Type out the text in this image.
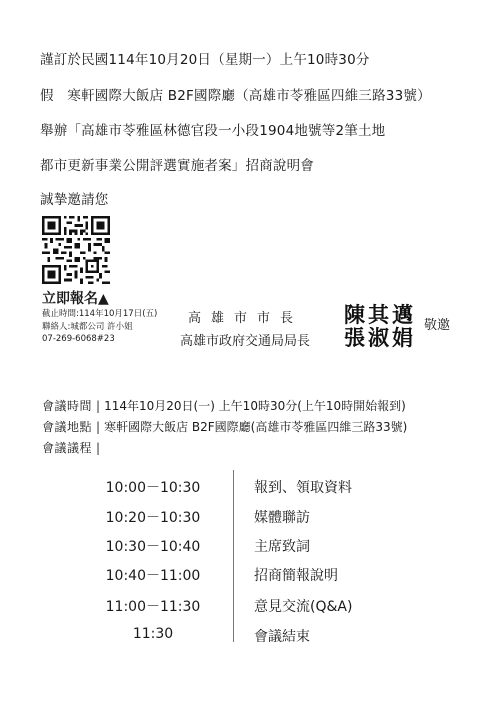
謹訂於民國114年10月20日（星期一）上午10時30分
假　寒軒國際大飯店 B2F國際廳（高雄市苓雅區四維三路33號）
舉辦「高雄市苓雅區林德官段一小段1904地號等2筆土地
都市更新事業公開評選實施者案」招商說明會
誠摯邀請您
立即報名▲
截止時間:114年10月17日(五)
聯絡人:城都公司 許小姐
07-269-6068#23
高雄市市長 陳其邁
高雄市政府交通局局長 張淑娟 敬邀
會議時間 | 114年10月20日(一) 上午10時30分(上午10時開始報到)
會議地點 | 寒軒國際大飯店 B2F國際廳(高雄市苓雅區四維三路33號)
會議議程 |
10:00－10:30	報到、領取資料
10:20－10:30	媒體聯訪
10:30－10:40	主席致詞
10:40－11:00	招商簡報說明
11:00－11:30	意見交流(Q&A)
11:30	會議結束
